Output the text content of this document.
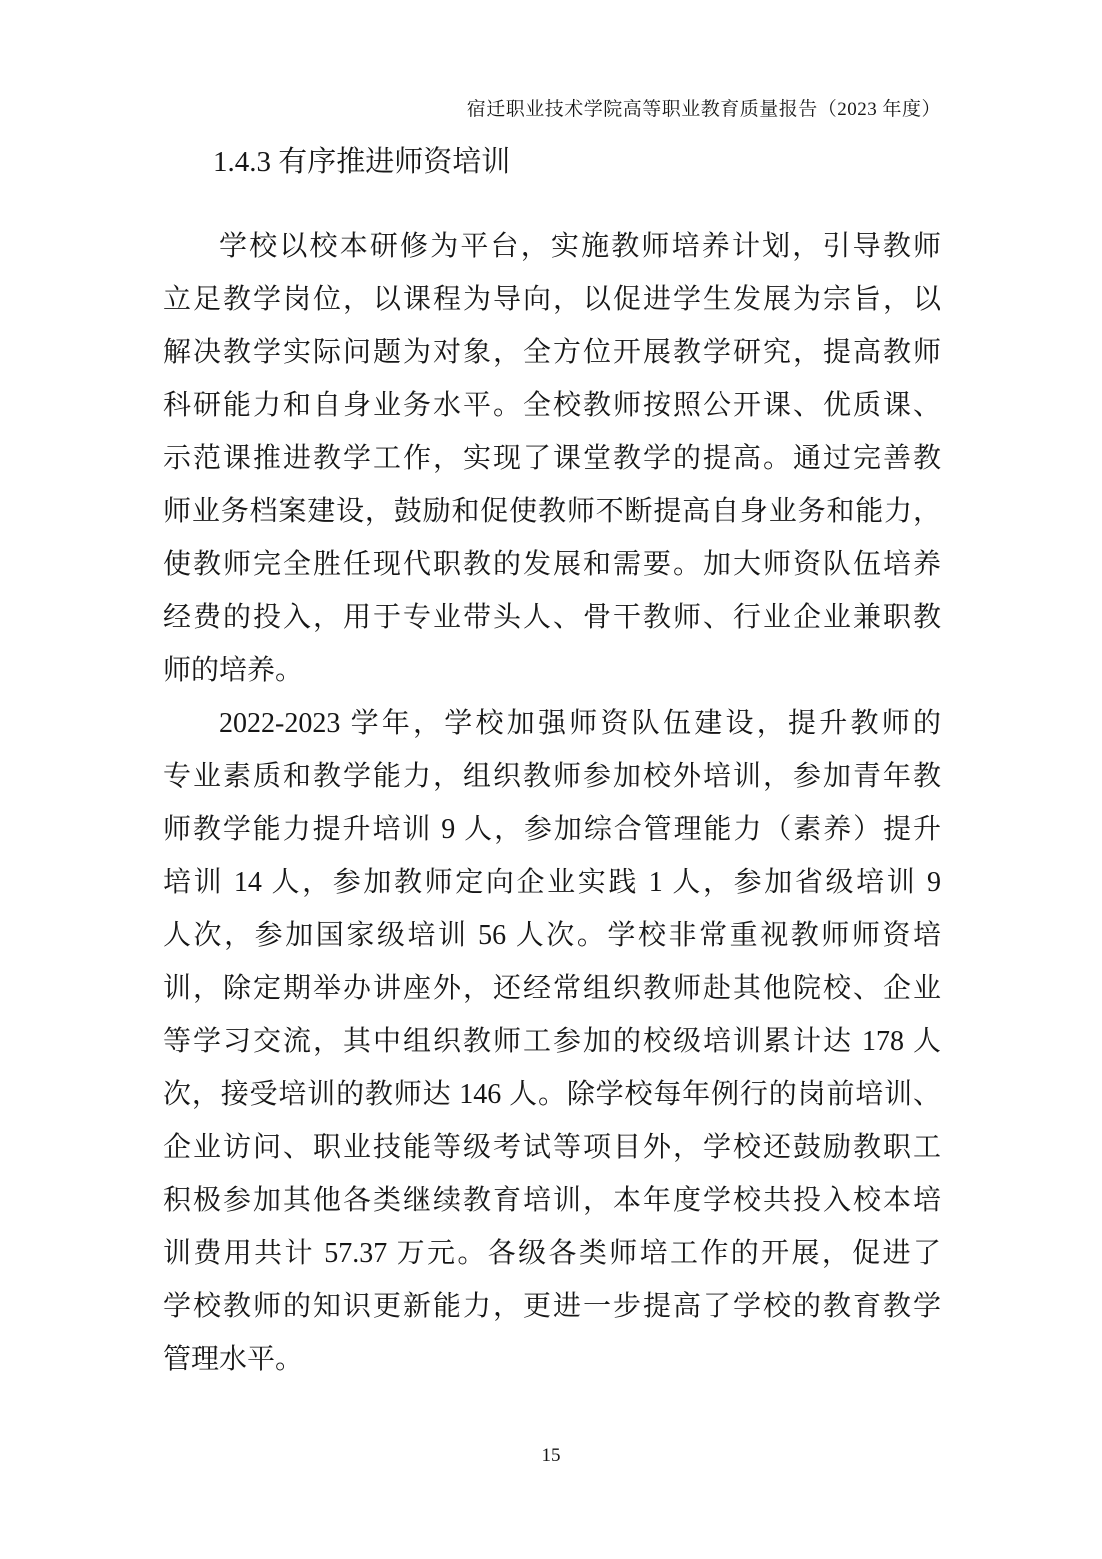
宿迁职业技术学院高等职业教育质量报告（2023 年度）
1.4.3 有序推进师资培训
学校以校本研修为平台，实施教师培养计划，引导教师
立足教学岗位，以课程为导向，以促进学生发展为宗旨，以
解决教学实际问题为对象，全方位开展教学研究，提高教师
科研能力和自身业务水平。全校教师按照公开课、优质课、
示范课推进教学工作，实现了课堂教学的提高。通过完善教
师业务档案建设，鼓励和促使教师不断提高自身业务和能力，
使教师完全胜任现代职教的发展和需要。加大师资队伍培养
经费的投入，用于专业带头人、骨干教师、行业企业兼职教
师的培养。
2022-2023 学年，学校加强师资队伍建设，提升教师的
专业素质和教学能力，组织教师参加校外培训，参加青年教
师教学能力提升培训 9 人，参加综合管理能力（素养）提升
培训 14 人，参加教师定向企业实践 1 人，参加省级培训 9
人次，参加国家级培训 56 人次。学校非常重视教师师资培
训，除定期举办讲座外，还经常组织教师赴其他院校、企业
等学习交流，其中组织教师工参加的校级培训累计达 178 人
次，接受培训的教师达 146 人。除学校每年例行的岗前培训、
企业访问、职业技能等级考试等项目外，学校还鼓励教职工
积极参加其他各类继续教育培训，本年度学校共投入校本培
训费用共计 57.37 万元。各级各类师培工作的开展，促进了
学校教师的知识更新能力，更进一步提高了学校的教育教学
管理水平。
15
